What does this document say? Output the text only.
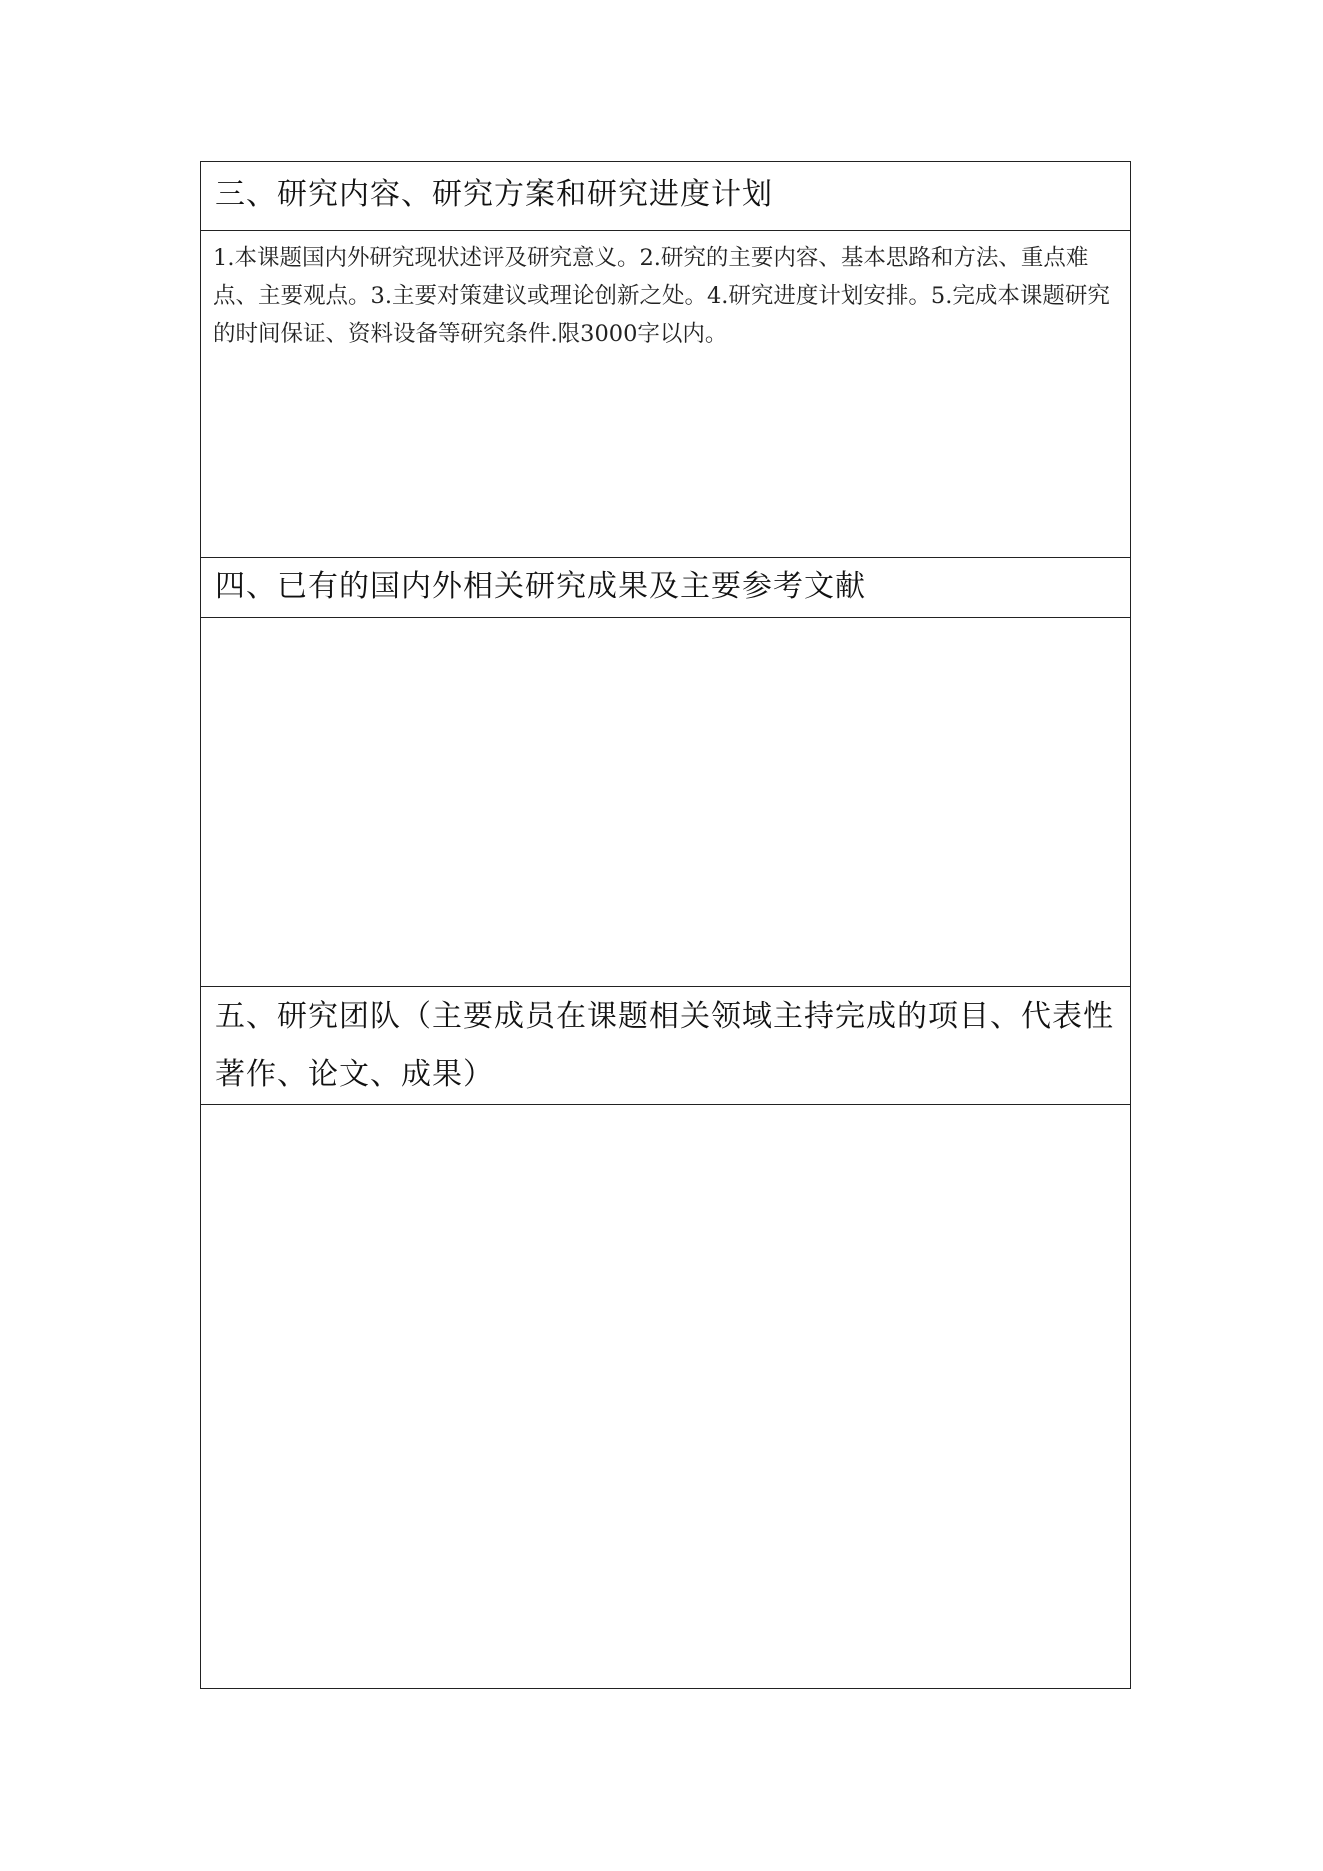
三、研究内容、研究方案和研究进度计划
1.本课题国内外研究现状述评及研究意义。2.研究的主要内容、基本思路和方法、重点难点、主要观点。3.主要对策建议或理论创新之处。4.研究进度计划安排。5.完成本课题研究的时间保证、资料设备等研究条件.限3000字以内。
四、已有的国内外相关研究成果及主要参考文献
五、研究团队（主要成员在课题相关领域主持完成的项目、代表性著作、论文、成果）
